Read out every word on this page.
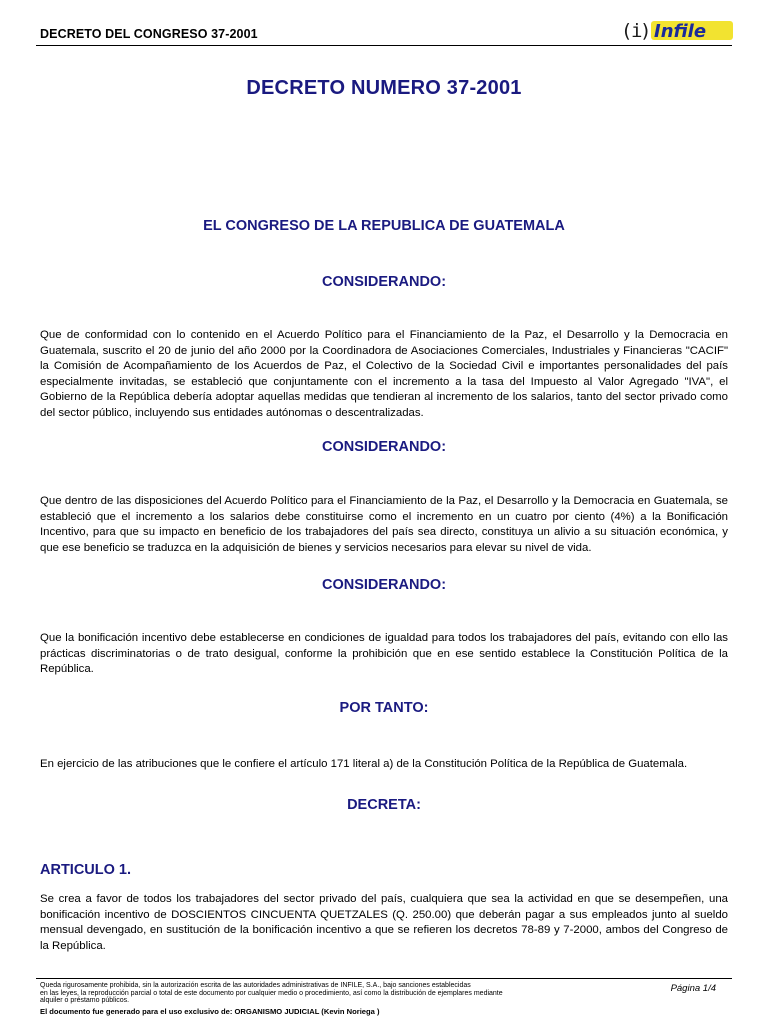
DECRETO DEL CONGRESO 37-2001	(
i
) Infile
DECRETO NUMERO 37-2001
EL CONGRESO DE LA REPUBLICA DE GUATEMALA
CONSIDERANDO:
Que de conformidad con lo contenido en el Acuerdo Político para el Financiamiento de la Paz, el Desarrollo y la Democracia en Guatemala, suscrito el 20 de junio del año 2000 por la Coordinadora de Asociaciones Comerciales, Industriales y Financieras "CACIF" la Comisión de Acompañamiento de los Acuerdos de Paz, el Colectivo de la Sociedad Civil e importantes personalidades del país especialmente invitadas, se estableció que conjuntamente con el incremento a la tasa del Impuesto al Valor Agregado "IVA", el Gobierno de la República debería adoptar aquellas medidas que tendieran al incremento de los salarios, tanto del sector privado como del sector público, incluyendo sus entidades autónomas o descentralizadas.
CONSIDERANDO:
Que dentro de las disposiciones del Acuerdo Político para el Financiamiento de la Paz, el Desarrollo y la Democracia en Guatemala, se estableció que el incremento a los salarios debe constituirse como el incremento en un cuatro por ciento (4%) a la Bonificación Incentivo, para que su impacto en beneficio de los trabajadores del país sea directo, constituya un alivio a su situación económica, y que ese beneficio se traduzca en la adquisición de bienes y servicios necesarios para elevar su nivel de vida.
CONSIDERANDO:
Que la bonificación incentivo debe establecerse en condiciones de igualdad para todos los trabajadores del país, evitando con ello las prácticas discriminatorias o de trato desigual, conforme la prohibición que en ese sentido establece la Constitución Política de la República.
POR TANTO:
En ejercicio de las atribuciones que le confiere el artículo 171 literal a) de la Constitución Política de la República de Guatemala.
DECRETA:
ARTICULO 1.
Se crea a favor de todos los trabajadores del sector privado del país, cualquiera que sea la actividad en que se desempeñen, una bonificación incentivo de DOSCIENTOS CINCUENTA QUETZALES (Q. 250.00) que deberán pagar a sus empleados junto al sueldo mensual devengado, en sustitución de la bonificación incentivo a que se refieren los decretos 78-89 y 7-2000, ambos del Congreso de la República.
Queda rigurosamente prohibida, sin la autorización escrita de las autoridades administrativas de INFILE, S.A., bajo sanciones establecidas
en las leyes, la reproducción parcial o total de este documento por cualquier medio o procedimiento, así como la distribución de ejemplares mediante
alquiler o préstamo públicos.
Página 1/4
El documento fue generado para el uso exclusivo de: ORGANISMO JUDICIAL (Kevin Noriega )
